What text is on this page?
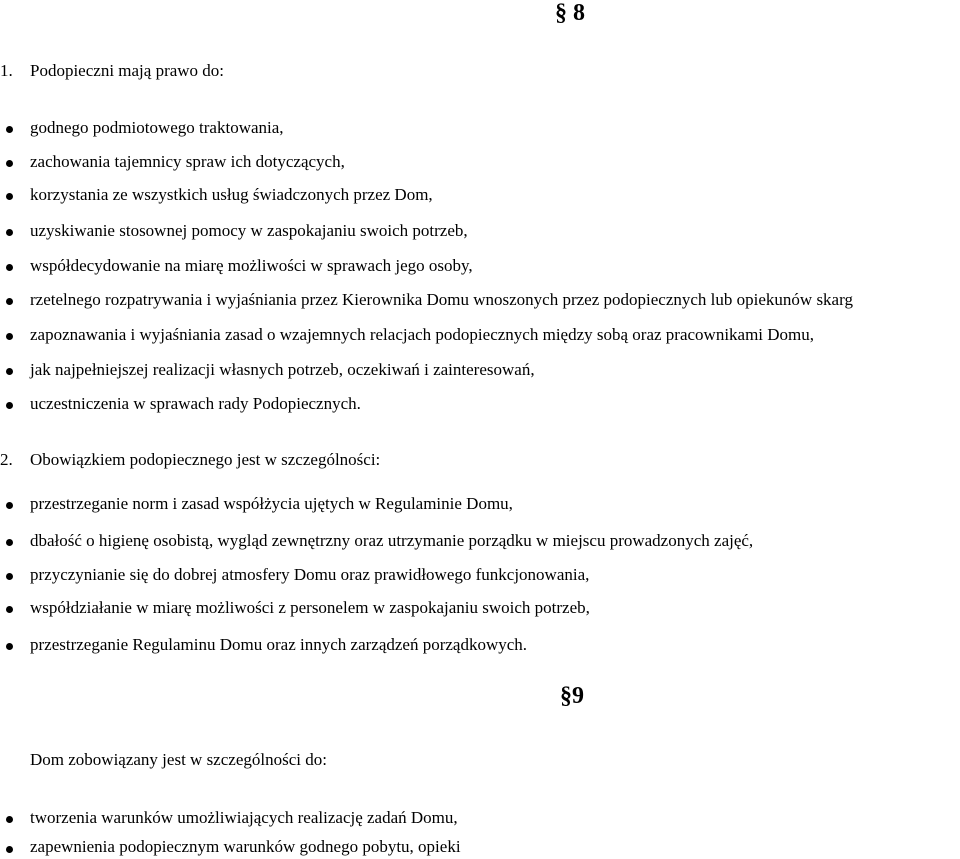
§ 8
1. Podopieczni mają prawo do:
godnego podmiotowego traktowania,
zachowania tajemnicy spraw ich dotyczących,
korzystania ze wszystkich usług świadczonych przez Dom,
uzyskiwanie stosownej pomocy w zaspokajaniu swoich potrzeb,
współdecydowanie na miarę możliwości w sprawach jego osoby,
rzetelnego rozpatrywania i wyjaśniania przez Kierownika Domu wnoszonych przez podopiecznych lub opiekunów skarg
zapoznawania i wyjaśniania zasad o wzajemnych relacjach podopiecznych między sobą oraz pracownikami Domu,
jak najpełniejszej realizacji własnych potrzeb, oczekiwań i zainteresowań,
uczestniczenia w sprawach rady Podopiecznych.
2. Obowiązkiem podopiecznego jest w szczególności:
przestrzeganie norm i zasad współżycia ujętych w Regulaminie Domu,
dbałość o higienę osobistą, wygląd zewnętrzny oraz utrzymanie porządku w miejscu prowadzonych zajęć,
przyczynianie się do dobrej atmosfery Domu oraz prawidłowego funkcjonowania,
współdziałanie w miarę możliwości z personelem w zaspokajaniu swoich potrzeb,
przestrzeganie Regulaminu Domu oraz innych zarządzeń porządkowych.
§9
Dom zobowiązany jest w szczególności do:
tworzenia warunków umożliwiających realizację zadań Domu,
zapewnienia podopiecznym warunków godnego pobytu, opieki
